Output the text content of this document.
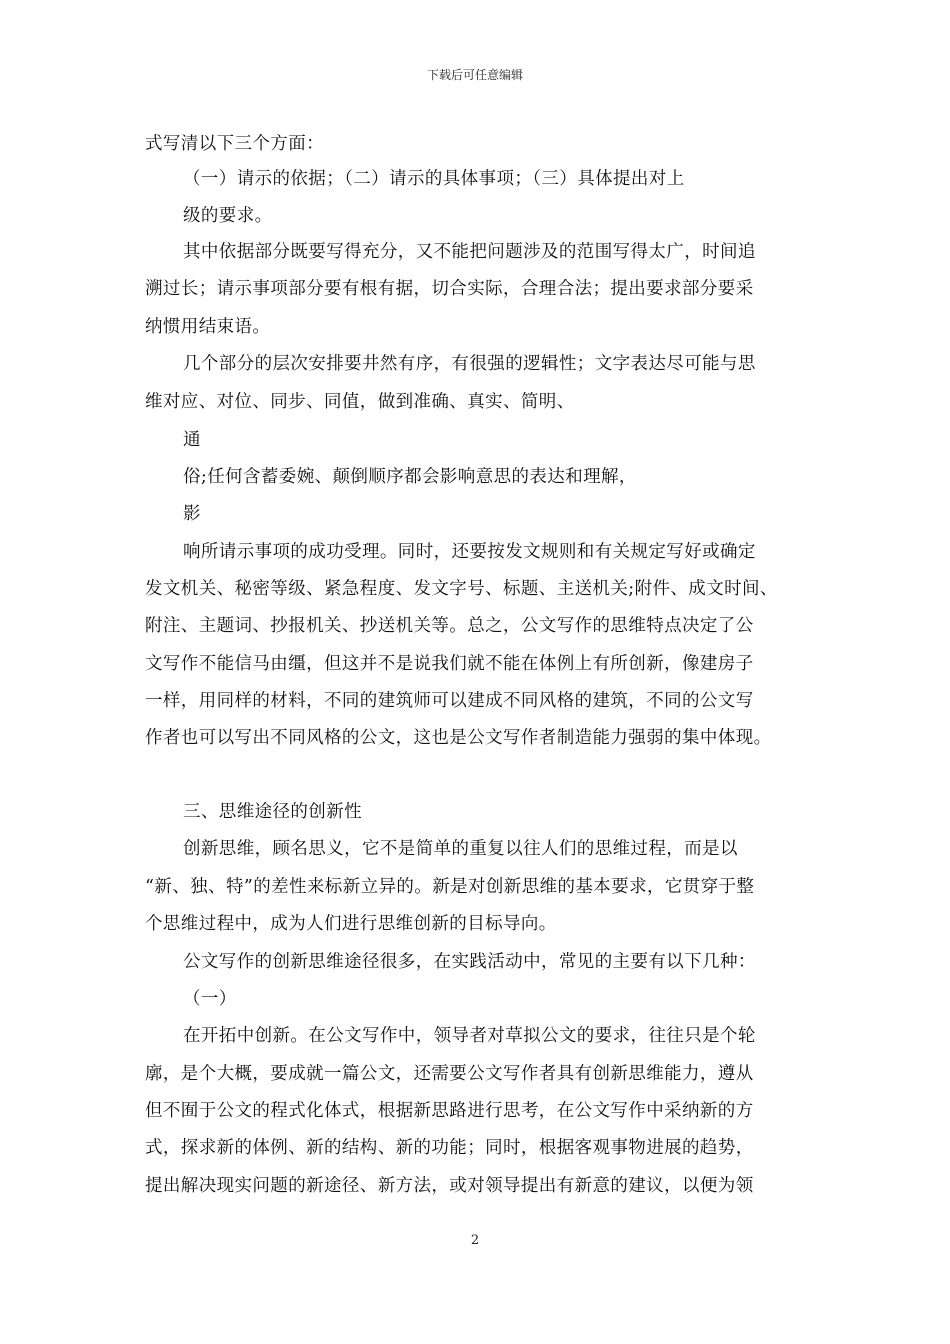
下载后可任意编辑
式写清以下三个方面：
（一）请示的依据；（二）请示的具体事项；（三）具体提出对上
级的要求。
其中依据部分既要写得充分，又不能把问题涉及的范围写得太广，时间追
溯过长；请示事项部分要有根有据，切合实际，合理合法；提出要求部分要采
纳惯用结束语。
几个部分的层次安排要井然有序，有很强的逻辑性；文字表达尽可能与思
维对应、对位、同步、同值，做到准确、真实、简明、
通
俗;任何含蓄委婉、颠倒顺序都会影响意思的表达和理解，
影
响所请示事项的成功受理。同时，还要按发文规则和有关规定写好或确定
发文机关、秘密等级、紧急程度、发文字号、标题、主送机关;附件、成文时间、
附注、主题词、抄报机关、抄送机关等。总之，公文写作的思维特点决定了公
文写作不能信马由缰，但这并不是说我们就不能在体例上有所创新，像建房子
一样，用同样的材料，不同的建筑师可以建成不同风格的建筑，不同的公文写
作者也可以写出不同风格的公文，这也是公文写作者制造能力强弱的集中体现。
三、思维途径的创新性
创新思维，顾名思义，它不是简单的重复以往人们的思维过程，而是以
“新、独、特”的差性来标新立异的。新是对创新思维的基本要求，它贯穿于整
个思维过程中，成为人们进行思维创新的目标导向。
公文写作的创新思维途径很多，在实践活动中，常见的主要有以下几种：
（一）
在开拓中创新。在公文写作中，领导者对草拟公文的要求，往往只是个轮
廓，是个大概，要成就一篇公文，还需要公文写作者具有创新思维能力，遵从
但不囿于公文的程式化体式，根据新思路进行思考，在公文写作中采纳新的方
式，探求新的体例、新的结构、新的功能；同时，根据客观事物进展的趋势，
提出解决现实问题的新途径、新方法，或对领导提出有新意的建议，以便为领
2
